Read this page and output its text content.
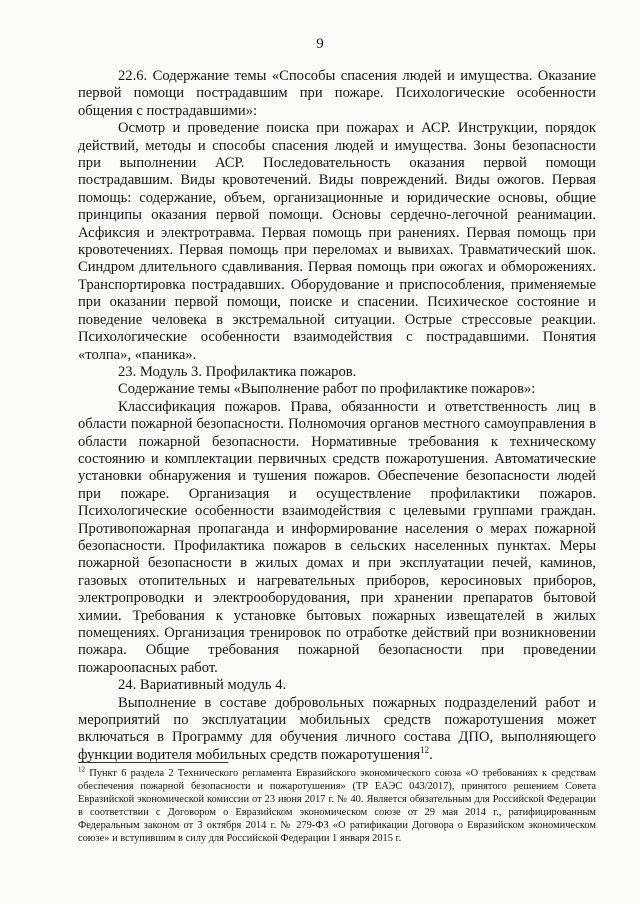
9

22.6. Содержание темы «Способы спасения людей и имущества. Оказание первой помощи пострадавшим при пожаре. Психологические особенности общения с пострадавшими»:

Осмотр и проведение поиска при пожарах и АСР. Инструкции, порядок действий, методы и способы спасения людей и имущества. Зоны безопасности при выполнении АСР. Последовательность оказания первой помощи пострадавшим. Виды кровотечений. Виды повреждений. Виды ожогов. Первая помощь: содержание, объем, организационные и юридические основы, общие принципы оказания первой помощи. Основы сердечно-легочной реанимации. Асфиксия и электротравма. Первая помощь при ранениях. Первая помощь при кровотечениях. Первая помощь при переломах и вывихах. Травматический шок. Синдром длительного сдавливания. Первая помощь при ожогах и обморожениях. Транспортировка пострадавших. Оборудование и приспособления, применяемые при оказании первой помощи, поиске и спасении. Психическое состояние и поведение человека в экстремальной ситуации. Острые стрессовые реакции. Психологические особенности взаимодействия с пострадавшими. Понятия «толпа», «паника».

23. Модуль 3. Профилактика пожаров.

Содержание темы «Выполнение работ по профилактике пожаров»:

Классификация пожаров. Права, обязанности и ответственность лиц в области пожарной безопасности. Полномочия органов местного самоуправления в области пожарной безопасности. Нормативные требования к техническому состоянию и комплектации первичных средств пожаротушения. Автоматические установки обнаружения и тушения пожаров. Обеспечение безопасности людей при пожаре. Организация и осуществление профилактики пожаров. Психологические особенности взаимодействия с целевыми группами граждан. Противопожарная пропаганда и информирование населения о мерах пожарной безопасности. Профилактика пожаров в сельских населенных пунктах. Меры пожарной безопасности в жилых домах и при эксплуатации печей, каминов, газовых отопительных и нагревательных приборов, керосиновых приборов, электропроводки и электрооборудования, при хранении препаратов бытовой химии. Требования к установке бытовых пожарных извещателей в жилых помещениях. Организация тренировок по отработке действий при возникновении пожара. Общие требования пожарной безопасности при проведении пожароопасных работ.

24. Вариативный модуль 4.

Выполнение в составе добровольных пожарных подразделений работ и мероприятий по эксплуатации мобильных средств пожаротушения может включаться в Программу для обучения личного состава ДПО, выполняющего функции водителя мобильных средств пожаротушения$^{12}$.

$^{12}$ Пункт 6 раздела 2 Технического регламента Евразийского экономического союза «О требованиях к средствам обеспечения пожарной безопасности и пожаротушения» (ТР ЕАЭС 043/2017), принятого решением Совета Евразийской экономической комиссии от 23 июня 2017 г. № 40. Является обязательным для Российской Федерации в соответствии с Договором о Евразийском экономическом союзе от 29 мая 2014 г., ратифицированным Федеральным законом от 3 октября 2014 г. № 279-ФЗ «О ратификации Договора о Евразийском экономическом союзе» и вступившим в силу для Российской Федерации 1 января 2015 г.
